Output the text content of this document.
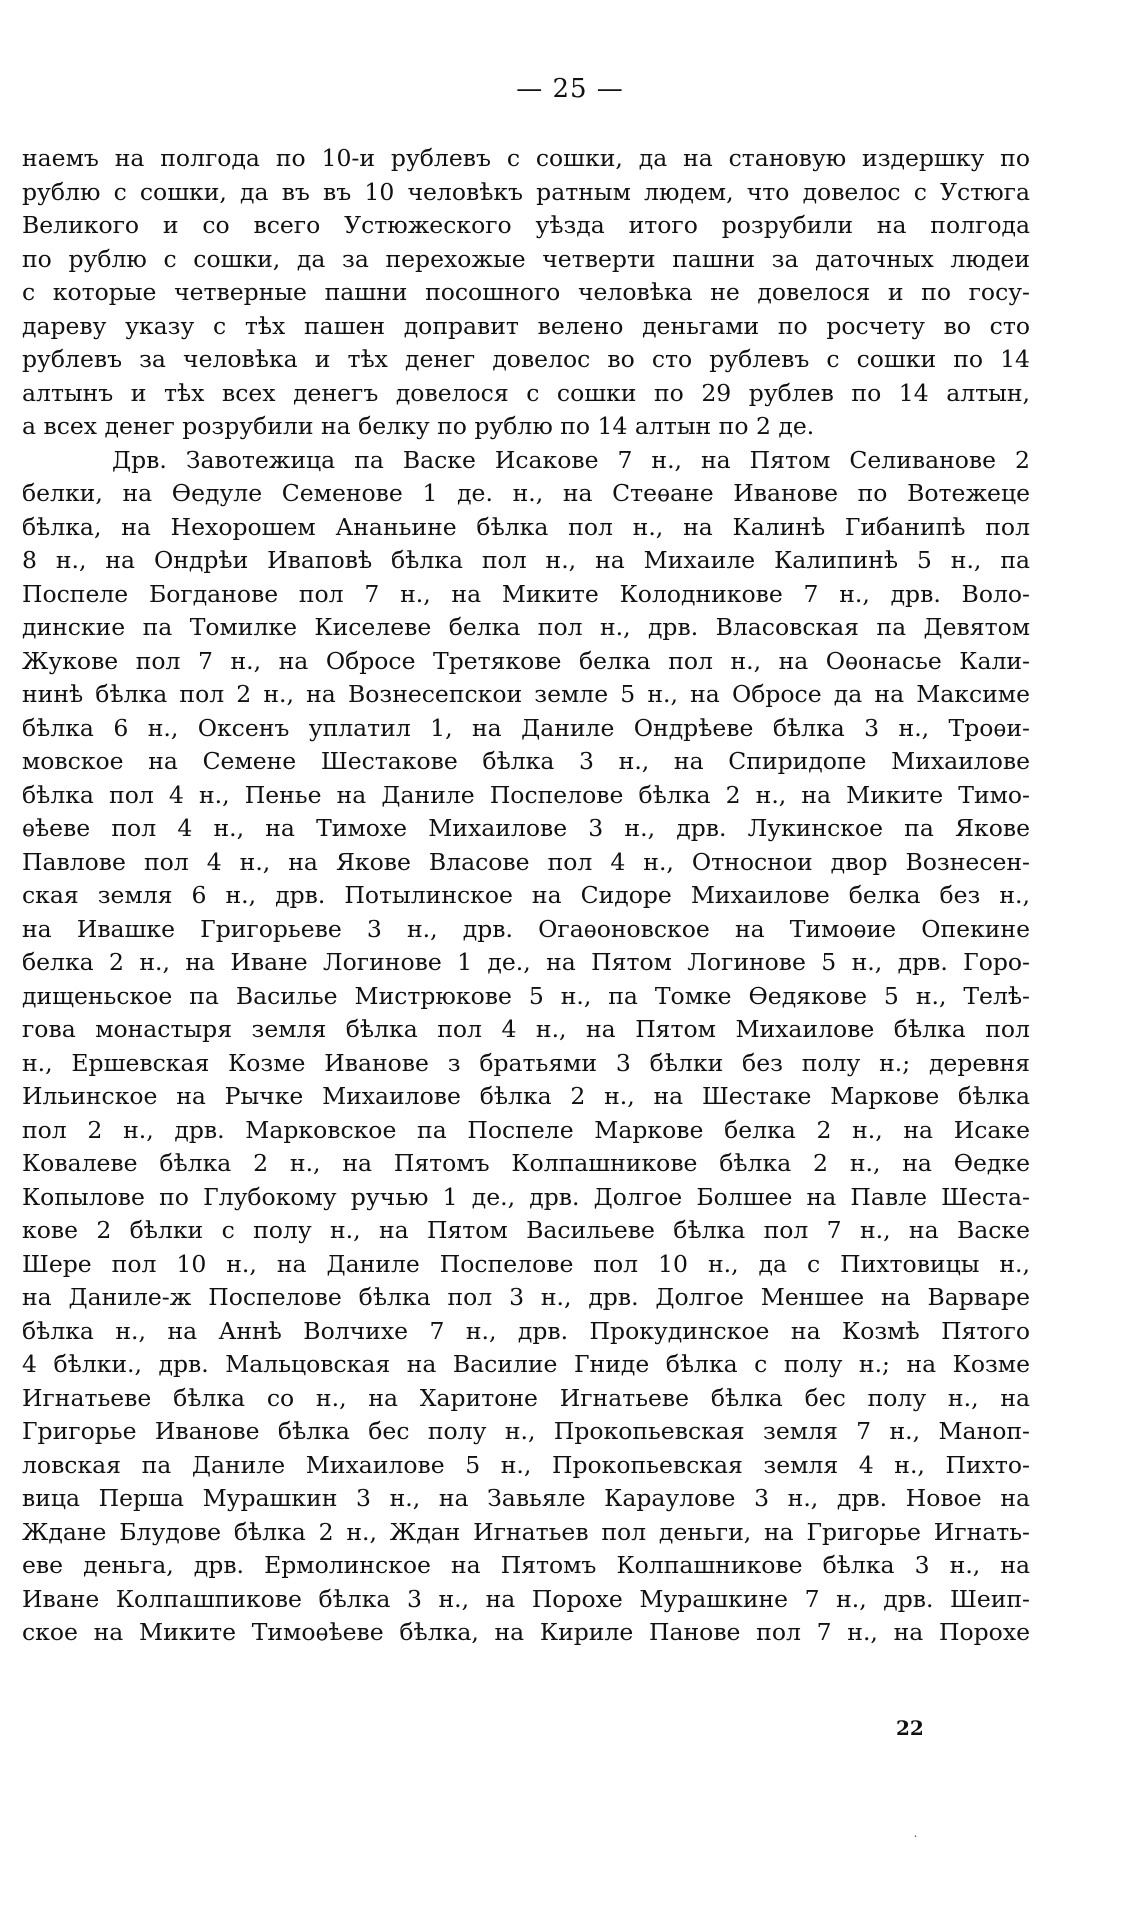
— 25 —
наемъ на полгода по 10-и рублевъ с сошки, да на становую издершку по
рублю с сошки, да въ въ 10 человѣкъ ратным людем, что довелос с Устюга
Великого и со всего Устюжеского уѣзда итого розрубили на полгода
по рублю с сошки, да за перехожые четверти пашни за даточных людеи
с которые четверные пашни посошного человѣка не довелося и по госу-
дареву указу с тѣх пашен доправит велено деньгами по росчету во сто
рублевъ за человѣка и тѣх денег довелос во сто рублевъ с сошки по 14
алтынъ и тѣх всех денегъ довелося с сошки по 29 рублев по 14 алтын,
а всех денег розрубили на белку по рублю по 14 алтын по 2 де.
Дрв. Завотежица па Васке Исакове 7 н., на Пятом Селиванове 2
белки, на Ѳедуле Семенове 1 де. н., на Стеѳане Иванове по Вотежеце
бѣлка, на Нехорошем Ананьине бѣлка пол н., на Калинѣ Гибанипѣ пол
8 н., на Ондрѣи Иваповѣ бѣлка пол н., на Михаиле Калипинѣ 5 н., па
Поспеле Богданове пол 7 н., на Миките Колодникове 7 н., дрв. Воло-
динские па Томилке Киселеве белка пол н., дрв. Власовская па Девятом
Жукове пол 7 н., на Обросе Третякове белка пол н., на Оѳонасье Кали-
нинѣ бѣлка пол 2 н., на Вознесепскои земле 5 н., на Обросе да на Максиме
бѣлка 6 н., Оксенъ уплатил 1, на Даниле Ондрѣеве бѣлка 3 н., Троѳи-
мовское на Семене Шестакове бѣлка 3 н., на Спиридопе Михаилове
бѣлка пол 4 н., Пенье на Даниле Поспелове бѣлка 2 н., на Миките Тимо-
ѳѣеве пол 4 н., на Тимохе Михаилове 3 н., дрв. Лукинское па Якове
Павлове пол 4 н., на Якове Власове пол 4 н., Относнои двор Вознесен-
ская земля 6 н., дрв. Потылинское на Сидоре Михаилове белка без н.,
на Ивашке Григорьеве 3 н., дрв. Огаѳоновское на Тимоѳие Опекине
белка 2 н., на Иване Логинове 1 де., на Пятом Логинове 5 н., дрв. Горо-
дищеньское па Василье Мистрюкове 5 н., па Томке Ѳедякове 5 н., Телѣ-
гова монастыря земля бѣлка пол 4 н., на Пятом Михаилове бѣлка пол
н., Ершевская Козме Иванове з братьями 3 бѣлки без полу н.; деревня
Ильинское на Рычке Михаилове бѣлка 2 н., на Шестаке Маркове бѣлка
пол 2 н., дрв. Марковское па Поспеле Маркове белка 2 н., на Исаке
Ковалеве бѣлка 2 н., на Пятомъ Колпашникове бѣлка 2 н., на Ѳедке
Копылове по Глубокому ручью 1 де., дрв. Долгое Болшее на Павле Шеста-
кове 2 бѣлки с полу н., на Пятом Васильеве бѣлка пол 7 н., на Васке
Шере пол 10 н., на Даниле Поспелове пол 10 н., да с Пихтовицы н.,
на Даниле-ж Поспелове бѣлка пол 3 н., дрв. Долгое Меншее на Варваре
бѣлка н., на Аннѣ Волчихе 7 н., дрв. Прокудинское на Козмѣ Пятого
4 бѣлки., дрв. Мальцовская на Василие Гниде бѣлка с полу н.; на Козме
Игнатьеве бѣлка со н., на Харитоне Игнатьеве бѣлка бес полу н., на
Григорье Иванове бѣлка бес полу н., Прокопьевская земля 7 н., Маноп-
ловская па Даниле Михаилове 5 н., Прокопьевская земля 4 н., Пихто-
вица Перша Мурашкин 3 н., на Завьяле Караулове 3 н., дрв. Новое на
Ждане Блудове бѣлка 2 н., Ждан Игнатьев пол деньги, на Григорье Игнать-
еве деньга, дрв. Ермолинское на Пятомъ Колпашникове бѣлка 3 н., на
Иване Колпашпикове бѣлка 3 н., на Порохе Мурашкине 7 н., дрв. Шеип-
ское на Миките Тимоѳѣеве бѣлка, на Кириле Панове пол 7 н., на Порохе
22
˙
